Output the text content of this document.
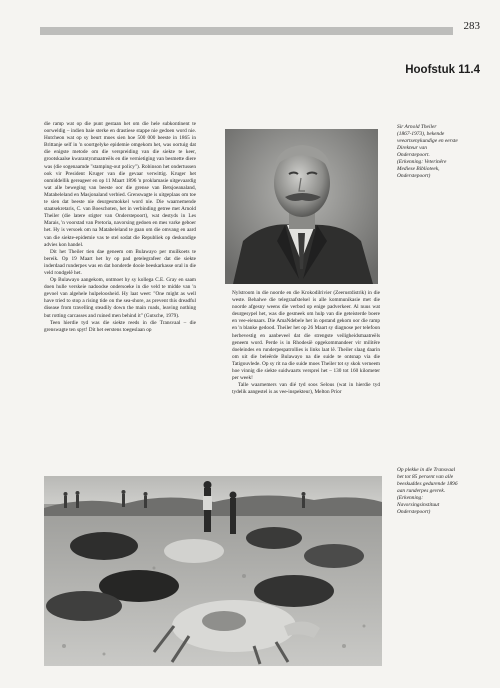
283
Hoofstuk 11.4

die ramp wat op die punt gestaan het om die hele subkontinent te oorweldig – indien baie sterke en drastiese stappe nie gedoen word nie. Hutcheon wat op sy beurt moes sien hoe 500 000 beeste in 1865 in Brittanje self in 'n soortgelyke epidemie omgekom het, was oortuig dat die enigste metode om die verspreiding van die siekte te keer, grootskaalse kwarantynmaatreëls en die vernietiging van besmette diere was (die sogenaamde "stamping-out policy"). Robinson het ondertussen ook vir President Kruger van die gevaar verwittig. Kruger het onmiddellik gereageer en op 11 Maart 1896 'n proklamasie uitgevaardig wat alle beweging van beeste oor die grense van Betsjoeanaland, Matabeleland en Masjonaland verbied. Grenswagte is uitgeplaas om toe te sien dat beeste nie deurgesmokkel word nie. Die waarnemende staatsekretaris, C. van Boeschoten, het in verbinding getree met Arnold Theiler (die latere stigter van Onderstepoort), wat destyds in Les Marais, 'n voorstad van Pretoria, navorsing gedoen en mes varke geboer het. Hy is versoek om na Matabeleland te gaan om die omvang en aard van die siekte-epidemie vas te stel sodat die Republiek op deskundige advies kon handel.

Dit het Theiler tien dae geneem om Bulawayo per muilkoets te bereik. Op 19 Maart het hy op pad getelegrafeer dat die siekte inderdaad runderpes was en dat honderde dooie beeskarkasse oral in die veld rondgelê het.

Op Bulawayo aangekom, ontmoet hy sy kollega C.E. Gray en saam doen hulle verskeie nadoodse ondersoeke in die veld te midde van 'n gevoel van algehele hulpeloosheid. Hy laat weet: "One might as well have tried to stop a rising tide on the sea-shore, as prevent this dreadful disease from travelling steadily down the main roads, leaving nothing but rotting carcasses and ruined men behind it" (Gutsche, 1979).

Teen hierdie tyd was die siekte reeds in die Transvaal – die grenswagte ten spyt! Dit het eerstens toegeslaan op

Sir Arnold Theiler
(1867-1973), bekende
veeartsenykundige en eerste
Direkteur van
Onderstepoort.
(Erkenning: Veterinêre
Mediese Biblioteek,
Onderstepoort)

Nylstroom in die noorde en die Krokodilrivier (Zeerustdistrik) in die weste. Behalwe die telegraafstelsel is alle kommunikasie met die noorde afgesny weens die verbod op enige padverkeer. Al nuus wat deurgesypel het, was die gesmeek om hulp van die geteisterde boere en vee-eienaars. Die AmaNdebele het in opstand gekom oor die ramp en 'n blanke gedood. Theiler het op 26 Maart sy diagnose per telefoon herbevestig en aanbeveel dat die strengste veiligheidsmaatreëls geneem word. Perde is in Rhodesië opgekommandeer vir militêre doeleindes en runderpespatrollies is links laat lê. Theiler slaag daarin om uit die beleërde Bulawayo na die suide te ontsnap via die Tatigouvlede. Op sy rit na die suide moes Theiler tot sy skok verneem hoe vinnig die siekte suidwaarts versprei het – 130 tot 160 kilometer per week!

Talle waarnemers van dié tyd soos Selous (wat in hierdie tyd tydelik aangestel is as vee-inspekteur), Melton Prior

Op plekke in die Transvaal
het tot 85 persent van alle
beeskuddes gedurende 1896
aan runderpes gevrek.
(Erkenning:
Navorsingsinstituut
Onderstepoort)
